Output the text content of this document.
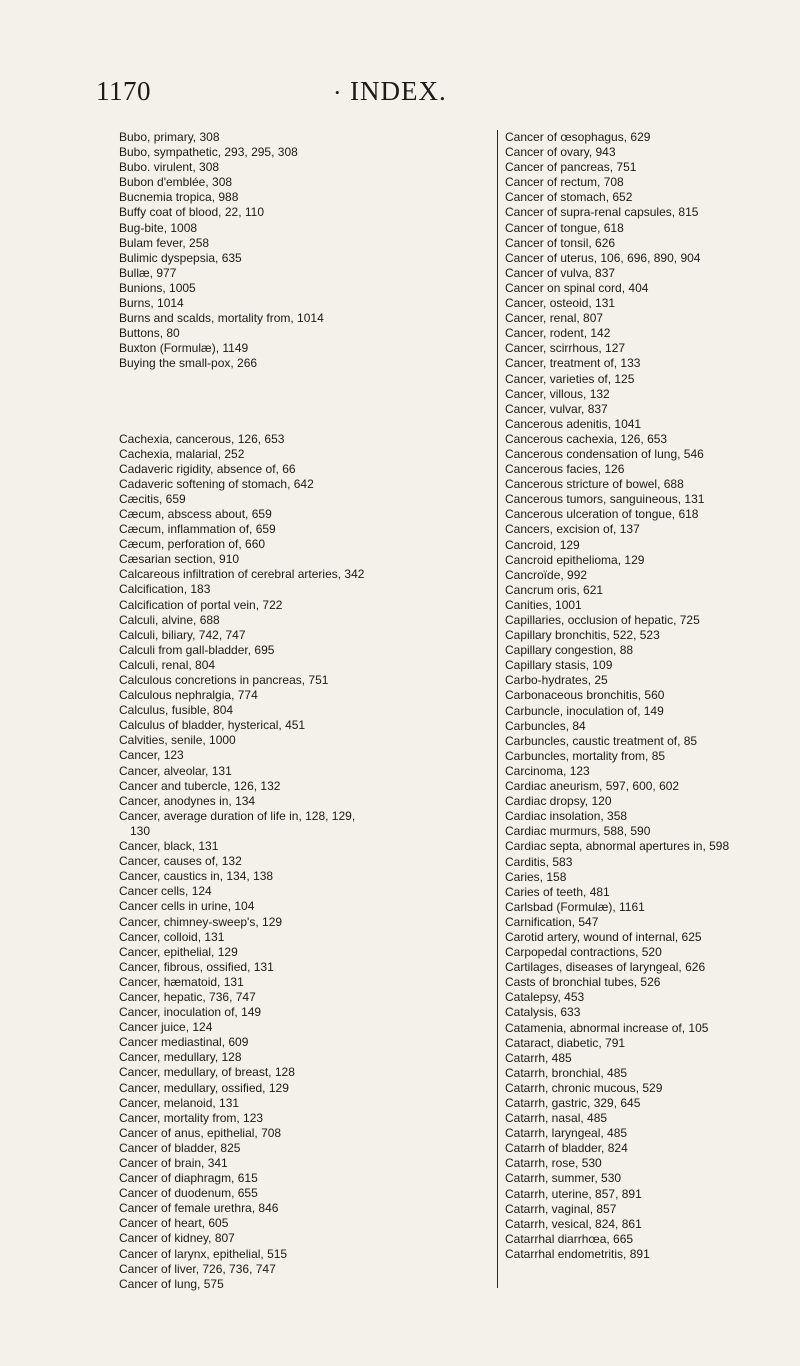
1170	• INDEX.
Bubo, primary, 308
Bubo, sympathetic, 293, 295, 308
Bubo. virulent, 308
Bubon d'emblée, 308
Bucnemia tropica, 988
Buffy coat of blood, 22, 110
Bug-bite, 1008
Bulam fever, 258
Bulimic dyspepsia, 635
Bullæ, 977
Bunions, 1005
Burns, 1014
Burns and scalds, mortality from, 1014
Buttons, 80
Buxton (Formulæ), 1149
Buying the small-pox, 266
Cachexia, cancerous, 126, 653
Cachexia, malarial, 252
Cadaveric rigidity, absence of, 66
Cadaveric softening of stomach, 642
Cæcitis, 659
Cæcum, abscess about, 659
Cæcum, inflammation of, 659
Cæcum, perforation of, 660
Cæsarian section, 910
Calcareous infiltration of cerebral arteries, 342
Calcification, 183
Calcification of portal vein, 722
Calculi, alvine, 688
Calculi, biliary, 742, 747
Calculi from gall-bladder, 695
Calculi, renal, 804
Calculous concretions in pancreas, 751
Calculous nephralgia, 774
Calculus, fusible, 804
Calculus of bladder, hysterical, 451
Calvities, senile, 1000
Cancer, 123
Cancer, alveolar, 131
Cancer and tubercle, 126, 132
Cancer, anodynes in, 134
Cancer, average duration of life in, 128, 129,
130
Cancer, black, 131
Cancer, causes of, 132
Cancer, caustics in, 134, 138
Cancer cells, 124
Cancer cells in urine, 104
Cancer, chimney-sweep's, 129
Cancer, colloid, 131
Cancer, epithelial, 129
Cancer, fibrous, ossified, 131
Cancer, hæmatoid, 131
Cancer, hepatic, 736, 747
Cancer, inoculation of, 149
Cancer juice, 124
Cancer mediastinal, 609
Cancer, medullary, 128
Cancer, medullary, of breast, 128
Cancer, medullary, ossified, 129
Cancer, melanoid, 131
Cancer, mortality from, 123
Cancer of anus, epithelial, 708
Cancer of bladder, 825
Cancer of brain, 341
Cancer of diaphragm, 615
Cancer of duodenum, 655
Cancer of female urethra, 846
Cancer of heart, 605
Cancer of kidney, 807
Cancer of larynx, epithelial, 515
Cancer of liver, 726, 736, 747
Cancer of lung, 575
Cancer of œsophagus, 629
Cancer of ovary, 943
Cancer of pancreas, 751
Cancer of rectum, 708
Cancer of stomach, 652
Cancer of supra-renal capsules, 815
Cancer of tongue, 618
Cancer of tonsil, 626
Cancer of uterus, 106, 696, 890, 904
Cancer of vulva, 837
Cancer on spinal cord, 404
Cancer, osteoid, 131
Cancer, renal, 807
Cancer, rodent, 142
Cancer, scirrhous, 127
Cancer, treatment of, 133
Cancer, varieties of, 125
Cancer, villous, 132
Cancer, vulvar, 837
Cancerous adenitis, 1041
Cancerous cachexia, 126, 653
Cancerous condensation of lung, 546
Cancerous facies, 126
Cancerous stricture of bowel, 688
Cancerous tumors, sanguineous, 131
Cancerous ulceration of tongue, 618
Cancers, excision of, 137
Cancroid, 129
Cancroid epithelioma, 129
Cancroïde, 992
Cancrum oris, 621
Canities, 1001
Capillaries, occlusion of hepatic, 725
Capillary bronchitis, 522, 523
Capillary congestion, 88
Capillary stasis, 109
Carbo-hydrates, 25
Carbonaceous bronchitis, 560
Carbuncle, inoculation of, 149
Carbuncles, 84
Carbuncles, caustic treatment of, 85
Carbuncles, mortality from, 85
Carcinoma, 123
Cardiac aneurism, 597, 600, 602
Cardiac dropsy, 120
Cardiac insolation, 358
Cardiac murmurs, 588, 590
Cardiac septa, abnormal apertures in, 598
Carditis, 583
Caries, 158
Caries of teeth, 481
Carlsbad (Formulæ), 1161
Carnification, 547
Carotid artery, wound of internal, 625
Carpopedal contractions, 520
Cartilages, diseases of laryngeal, 626
Casts of bronchial tubes, 526
Catalepsy, 453
Catalysis, 633
Catamenia, abnormal increase of, 105
Cataract, diabetic, 791
Catarrh, 485
Catarrh, bronchial, 485
Catarrh, chronic mucous, 529
Catarrh, gastric, 329, 645
Catarrh, nasal, 485
Catarrh, laryngeal, 485
Catarrh of bladder, 824
Catarrh, rose, 530
Catarrh, summer, 530
Catarrh, uterine, 857, 891
Catarrh, vaginal, 857
Catarrh, vesical, 824, 861
Catarrhal diarrhœa, 665
Catarrhal endometritis, 891
